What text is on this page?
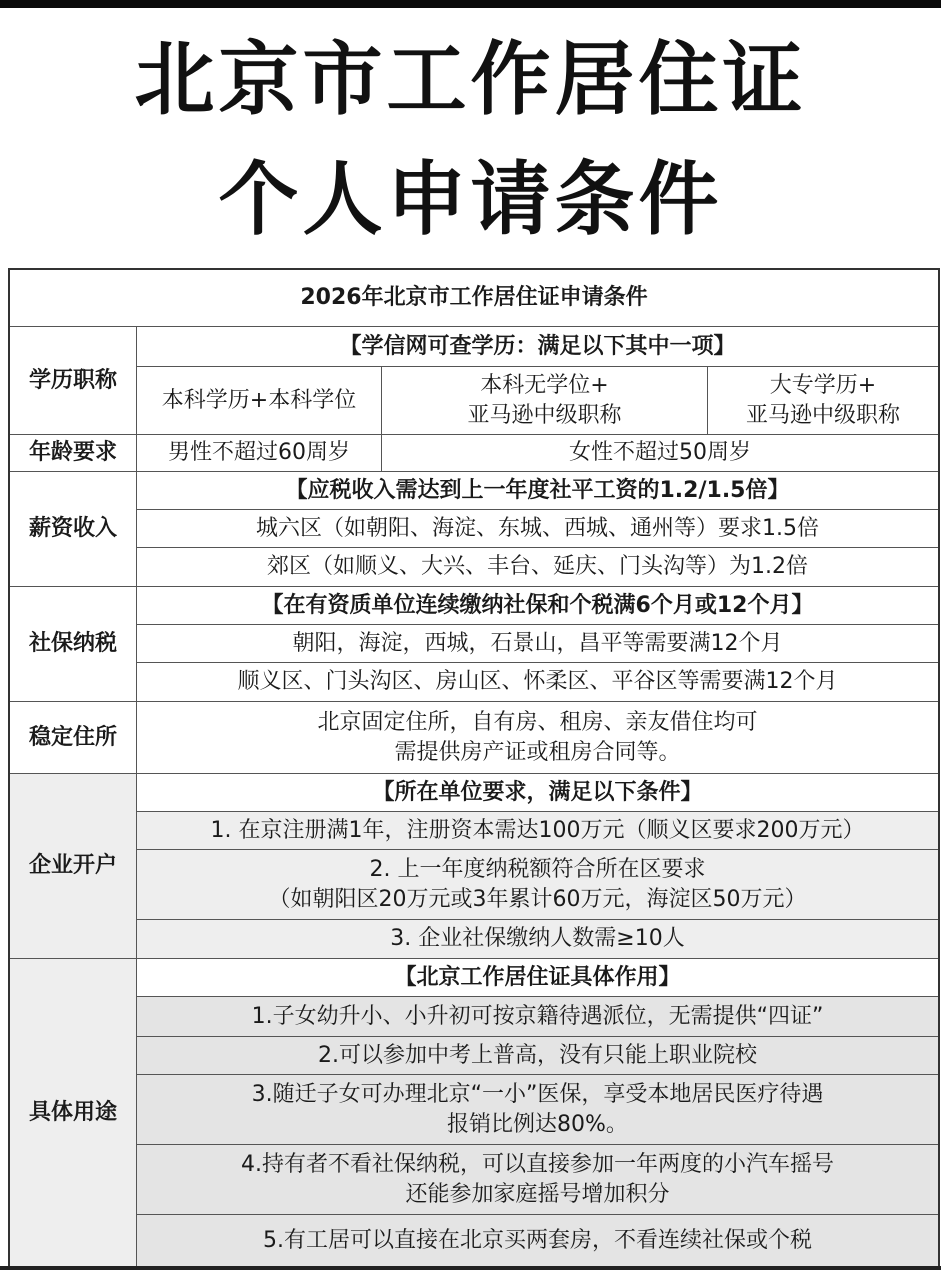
北京市工作居住证
个人申请条件
2026年北京市工作居住证申请条件
学历职称
【学信网可查学历：满足以下其中一项】
本科学历+本科学位
本科无学位+
亚马逊中级职称
大专学历+
亚马逊中级职称
年龄要求	男性不超过60周岁	女性不超过50周岁
薪资收入
【应税收入需达到上一年度社平工资的1.2/1.5倍】
城六区（如朝阳、海淀、东城、西城、通州等）要求1.5倍
郊区（如顺义、大兴、丰台、延庆、门头沟等）为1.2倍
社保纳税
【在有资质单位连续缴纳社保和个税满6个月或12个月】
朝阳，海淀，西城，石景山，昌平等需要满12个月
顺义区、门头沟区、房山区、怀柔区、平谷区等需要满12个月
稳定住所
北京固定住所，自有房、租房、亲友借住均可
需提供房产证或租房合同等。
企业开户
【所在单位要求，满足以下条件】
1. 在京注册满1年，注册资本需达100万元（顺义区要求200万元）
2. 上一年度纳税额符合所在区要求
（如朝阳区20万元或3年累计60万元，海淀区50万元）
3. 企业社保缴纳人数需≥10人
具体用途
【北京工作居住证具体作用】
1.子女幼升小、小升初可按京籍待遇派位，无需提供“四证”
2.可以参加中考上普高，没有只能上职业院校
3.随迁子女可办理北京“一小”医保，享受本地居民医疗待遇
报销比例达80%。
4.持有者不看社保纳税，可以直接参加一年两度的小汽车摇号
还能参加家庭摇号增加积分
5.有工居可以直接在北京买两套房，不看连续社保或个税
